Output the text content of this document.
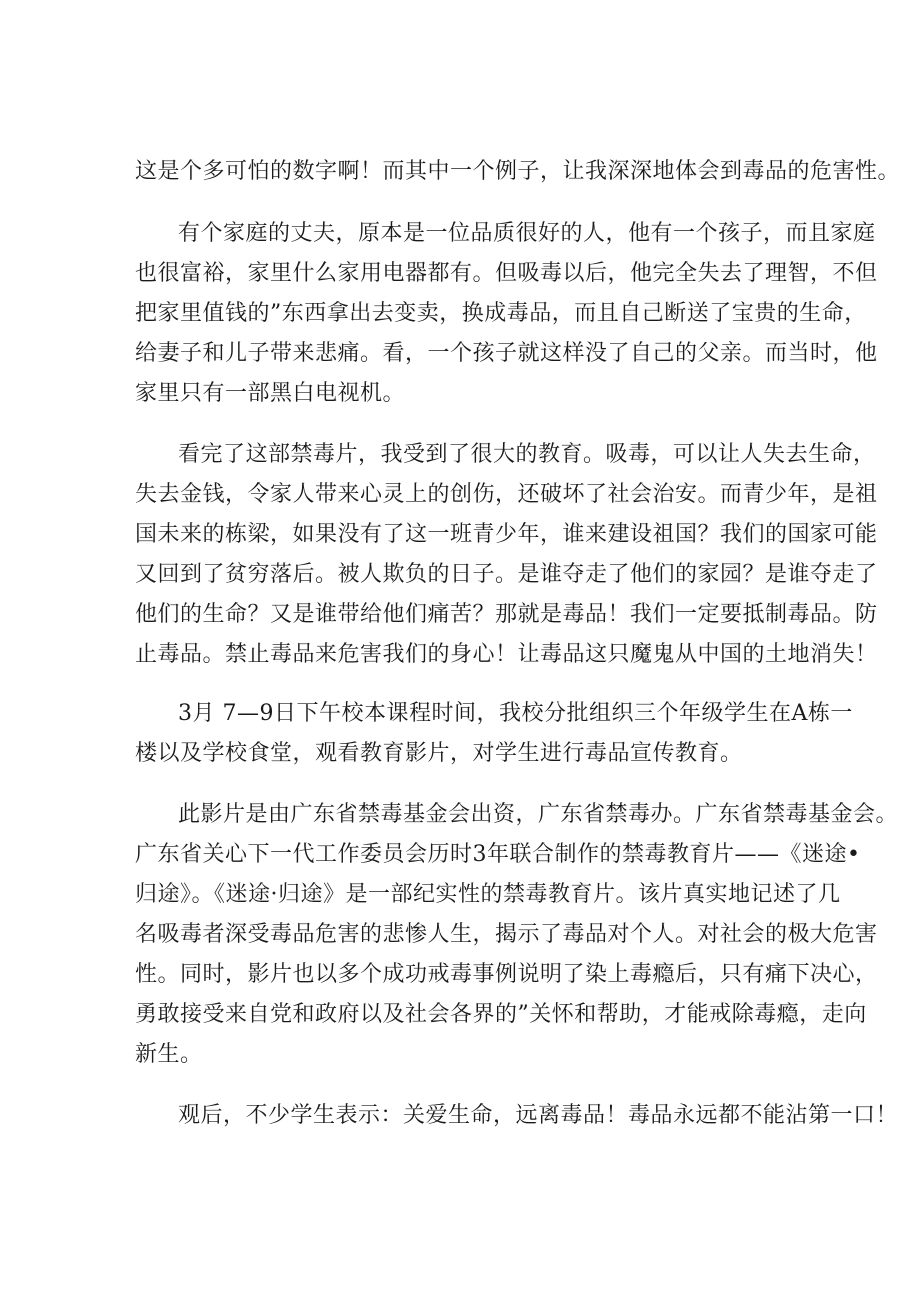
这是个多可怕的数字啊！而其中一个例子，让我深深地体会到毒品的危害性。

有个家庭的丈夫，原本是一位品质很好的人，他有一个孩子，而且家庭

也很富裕，家里什么家用电器都有。但吸毒以后，他完全失去了理智，不但

把家里值钱的”东西拿出去变卖，换成毒品，而且自己断送了宝贵的生命，

给妻子和儿子带来悲痛。看，一个孩子就这样没了自己的父亲。而当时，他

家里只有一部黑白电视机。

看完了这部禁毒片，我受到了很大的教育。吸毒，可以让人失去生命，

失去金钱，令家人带来心灵上的创伤，还破坏了社会治安。而青少年，是祖

国未来的栋梁，如果没有了这一班青少年，谁来建设祖国？我们的国家可能

又回到了贫穷落后。被人欺负的日子。是谁夺走了他们的家园？是谁夺走了

他们的生命？又是谁带给他们痛苦？那就是毒品！我们一定要抵制毒品。防

止毒品。禁止毒品来危害我们的身心！让毒品这只魔鬼从中国的土地消失！

3月 7—9日下午校本课程时间，我校分批组织三个年级学生在A栋一

楼以及学校食堂，观看教育影片，对学生进行毒品宣传教育。

此影片是由广东省禁毒基金会出资，广东省禁毒办。广东省禁毒基金会。

广东省关心下一代工作委员会历时3年联合制作的禁毒教育片——《迷途•

归途》。《迷途·归途》是一部纪实性的禁毒教育片。该片真实地记述了几

名吸毒者深受毒品危害的悲惨人生，揭示了毒品对个人。对社会的极大危害

性。同时，影片也以多个成功戒毒事例说明了染上毒瘾后，只有痛下决心，

勇敢接受来自党和政府以及社会各界的”关怀和帮助，才能戒除毒瘾，走向

新生。

观后，不少学生表示：关爱生命，远离毒品！毒品永远都不能沾第一口！
